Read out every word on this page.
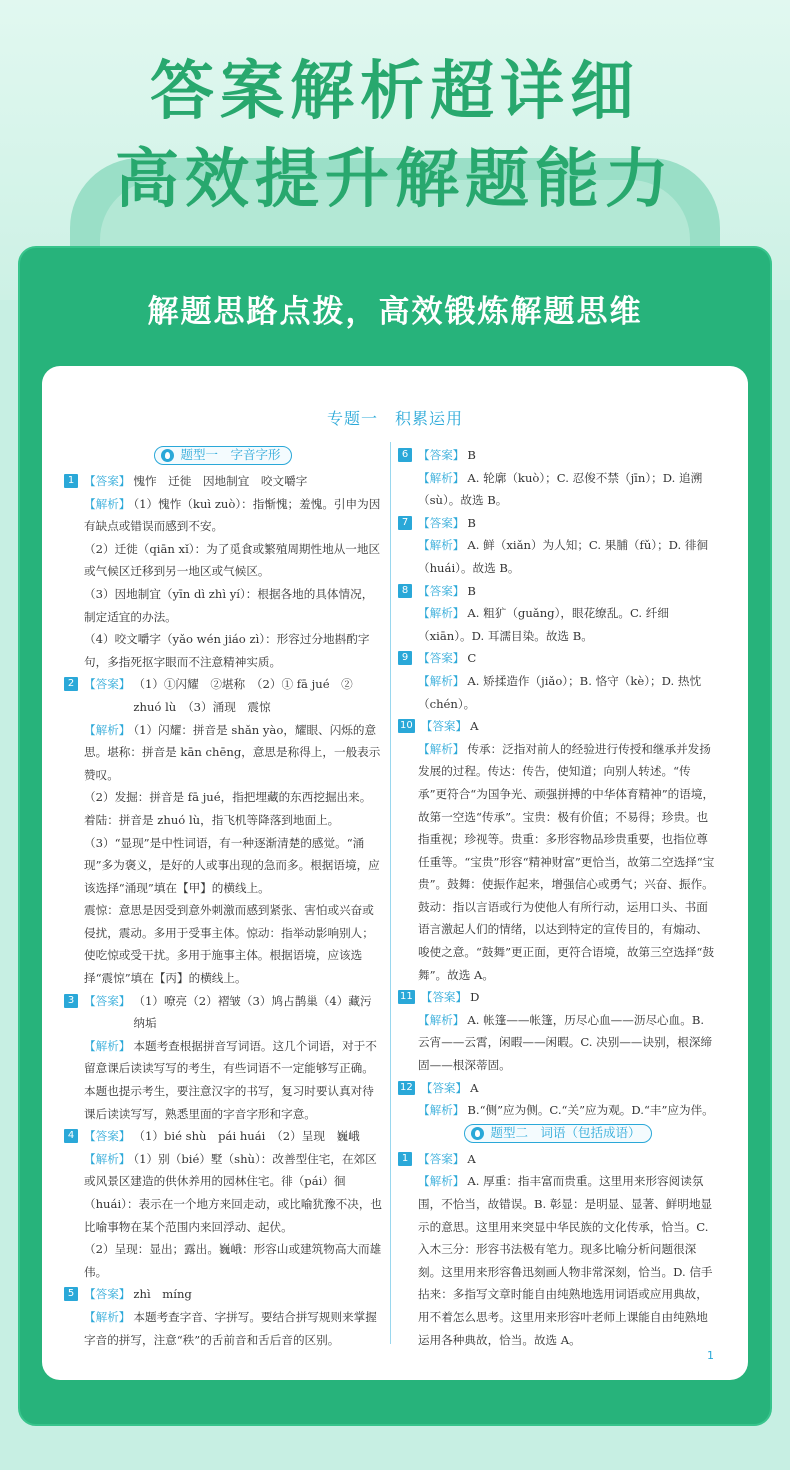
答案解析超详细
高效提升解题能力
解题思路点拨，高效锻炼解题思维
专题一　积累运用
题型一　字音字形
1 【答案】 愧怍　迁徙　因地制宜　咬文嚼字
【解析】 （1）愧怍（kuì zuò）：指惭愧；羞愧。引申为因有缺点或错误而感到不安。
（2）迁徙（qiān xǐ）：为了觅食或繁殖周期性地从一地区或气候区迁移到另一地区或气候区。
（3）因地制宜（yīn dì zhì yí）：根据各地的具体情况，制定适宜的办法。
（4）咬文嚼字（yǎo wén jiáo zì）：形容过分地斟酌字句，多指死抠字眼而不注意精神实质。
2 【答案】 （1）①闪耀　②堪称　（2）① fā jué　② zhuó lù　（3）涌现　震惊
【解析】 （1）闪耀：拼音是 shǎn yào，耀眼、闪烁的意思。堪称：拼音是 kān chēng，意思是称得上，一般表示赞叹。
（2）发掘：拼音是 fā jué，指把埋藏的东西挖掘出来。着陆：拼音是 zhuó lù，指飞机等降落到地面上。
（3）“显现”是中性词语，有一种逐渐清楚的感觉。“涌现”多为褒义，是好的人或事出现的急而多。根据语境，应该选择“涌现”填在【甲】的横线上。
震惊：意思是因受到意外刺激而感到紧张、害怕或兴奋或侵扰，震动。多用于受事主体。惊动：指举动影响别人；使吃惊或受干扰。多用于施事主体。根据语境，应该选择“震惊”填在【丙】的横线上。
3 【答案】 （1）嘹亮（2）褶皱（3）鸠占鹊巢（4）藏污纳垢
【解析】 本题考查根据拼音写词语。这几个词语，对于不留意课后读读写写的考生，有些词语不一定能够写正确。本题也提示考生，要注意汉字的书写，复习时要认真对待课后读读写写，熟悉里面的字音字形和字意。
4 【答案】 （1）bié shù　pái huái　（2）呈现　巍峨
【解析】 （1）别（bié）墅（shù）：改善型住宅，在郊区或风景区建造的供休养用的园林住宅。徘（pái）徊（huái）：表示在一个地方来回走动，或比喻犹豫不决，也比喻事物在某个范围内来回浮动、起伏。
（2）呈现：显出；露出。巍峨：形容山或建筑物高大而雄伟。
5 【答案】 zhì　míng
【解析】 本题考查字音、字拼写。要结合拼写规则来掌握字音的拼写，注意“秩”的舌前音和舌后音的区别。
6 【答案】 B
【解析】 A. 轮廓（kuò）；C. 忍俊不禁（jīn）；D. 追溯（sù）。故选 B。
7 【答案】 B
【解析】 A. 鲜（xiǎn）为人知；C. 果脯（fǔ）；D. 徘徊（huái）。故选 B。
8 【答案】 B
【解析】 A. 粗犷（guǎng），眼花缭乱。C. 纤细（xiān）。D. 耳濡目染。故选 B。
9 【答案】 C
【解析】 A. 矫揉造作（jiǎo）；B. 恪守（kè）；D. 热忱（chén）。
10 【答案】 A
【解析】 传承：泛指对前人的经验进行传授和继承并发扬发展的过程。传达：传告，使知道；向别人转述。“传承”更符合“为国争光、顽强拼搏的中华体育精神”的语境，故第一空选“传承”。宝贵：极有价值；不易得；珍贵。也指重视；珍视等。贵重：多形容物品珍贵重要，也指位尊任重等。“宝贵”形容“精神财富”更恰当，故第二空选择“宝贵”。鼓舞：使振作起来，增强信心或勇气；兴奋、振作。鼓动：指以言语或行为使他人有所行动，运用口头、书面语言激起人们的情绪，以达到特定的宣传目的，有煽动、唆使之意。“鼓舞”更正面，更符合语境，故第三空选择“鼓舞”。故选 A。
11 【答案】 D
【解析】 A. 帐篷——帐篷，历尽心血——沥尽心血。B. 云宵——云霄，闲暇——闲暇。C. 决别——诀别，根深缔固——根深蒂固。
12 【答案】 A
【解析】 B.“侧”应为侧。C.“关”应为观。D.“丰”应为伴。
题型二　词语（包括成语）
1 【答案】 A
【解析】 A. 厚重：指丰富而贵重。这里用来形容阅读氛围，不恰当，故错误。B. 彰显：是明显、显著、鲜明地显示的意思。这里用来突显中华民族的文化传承，恰当。C. 入木三分：形容书法极有笔力。现多比喻分析问题很深刻。这里用来形容鲁迅刻画人物非常深刻，恰当。D. 信手拈来：多指写文章时能自由纯熟地选用词语或应用典故，用不着怎么思考。这里用来形容叶老师上课能自由纯熟地运用各种典故，恰当。故选 A。
1
